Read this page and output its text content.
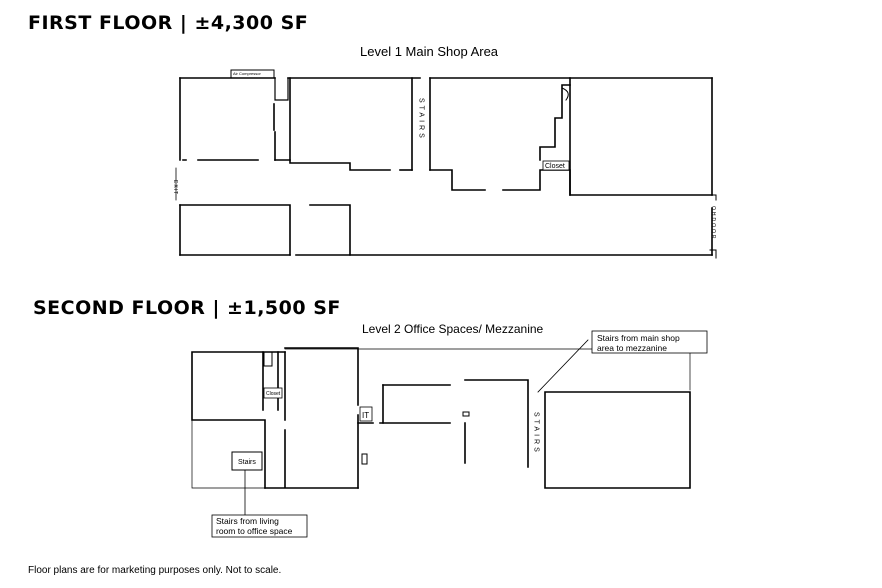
FIRST FLOOR | ±4,300 SF
Level 1 Main Shop Area
SECOND FLOOR | ±1,500 SF
Level 2 Office Spaces/ Mezzanine
Floor plans are for marketing purposes only. Not to scale.
Air Compressor
STAIRS
Closet
EXIT
OHDOOR
Closet
IT
Stairs
STAIRS
Stairs from main shop
area to mezzanine
Stairs from living
room to office space
